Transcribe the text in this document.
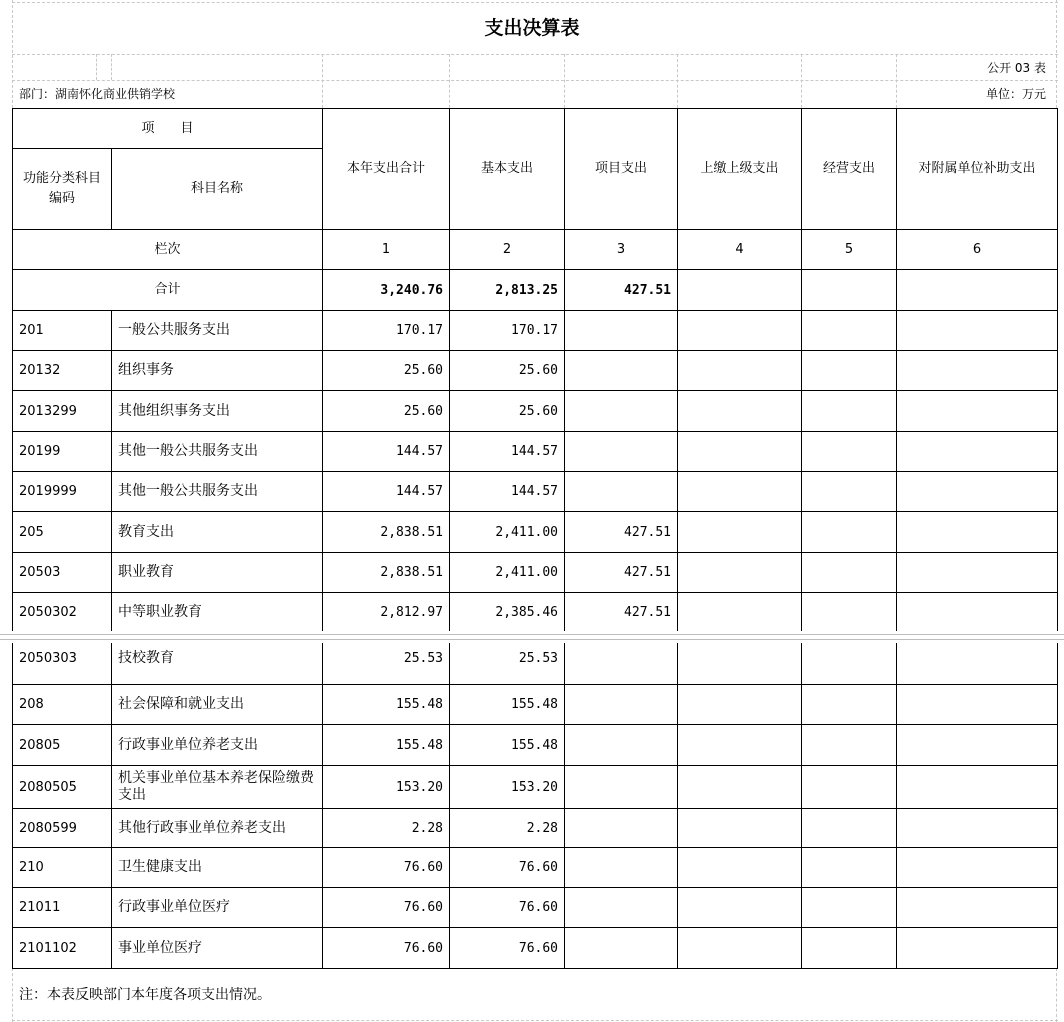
支出决算表
公开 03 表
部门：湖南怀化商业供销学校	单位：万元
项　　目		本年支出合计	基本支出	项目支出	上缴上级支出	经营支出	对附属单位补助支出
功能分类科目编码	科目名称						
栏次		1	2	3	4	5	6
合计		3,240.76	2,813.25	427.51			
201	一般公共服务支出	170.17	170.17				
20132	组织事务	25.60	25.60				
2013299	其他组织事务支出	25.60	25.60				
20199	其他一般公共服务支出	144.57	144.57				
2019999	其他一般公共服务支出	144.57	144.57				
205	教育支出	2,838.51	2,411.00	427.51			
20503	职业教育	2,838.51	2,411.00	427.51			
2050302	中等职业教育	2,812.97	2,385.46	427.51			
2050303	技校教育	25.53	25.53				
208	社会保障和就业支出	155.48	155.48				
20805	行政事业单位养老支出	155.48	155.48				
2080505	机关事业单位基本养老保险缴费支出	153.20	153.20				
2080599	其他行政事业单位养老支出	2.28	2.28				
210	卫生健康支出	76.60	76.60				
21011	行政事业单位医疗	76.60	76.60				
2101102	事业单位医疗	76.60	76.60				
注：本表反映部门本年度各项支出情况。
